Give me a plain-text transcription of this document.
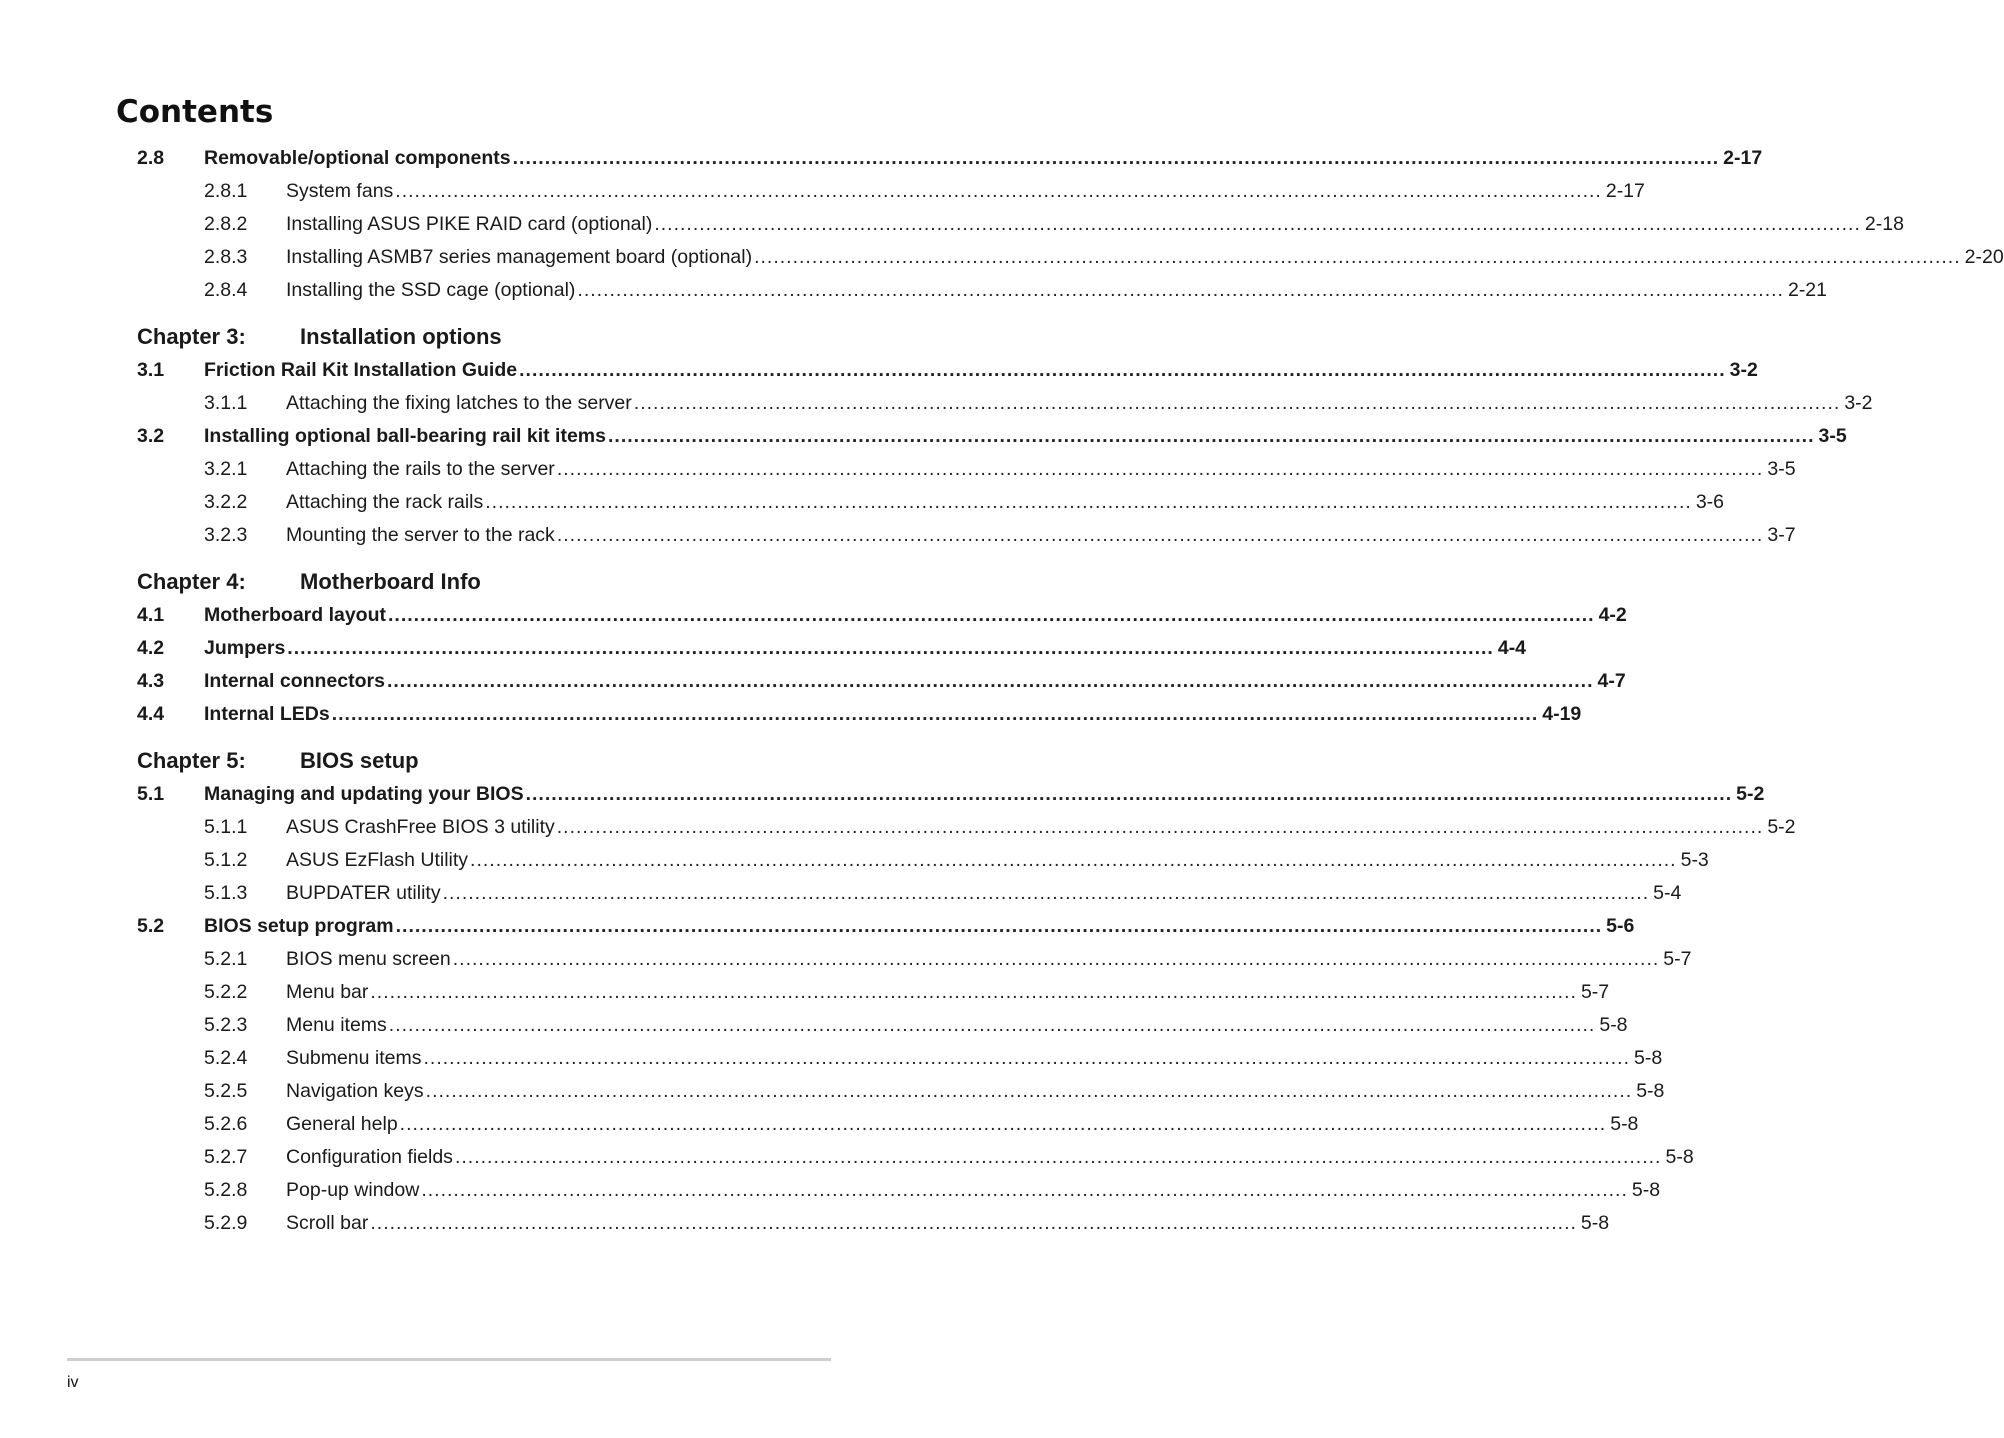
Contents
2.8	Removable/optional components .....	2-17
2.8.1	System fans .....	2-17
2.8.2	Installing ASUS PIKE RAID card (optional) .....	2-18
2.8.3	Installing ASMB7 series management board (optional) .....	2-20
2.8.4	Installing the SSD cage (optional) .....	2-21
Chapter 3:	Installation options
3.1	Friction Rail Kit Installation Guide .....	3-2
3.1.1	Attaching the fixing latches to the server .....	3-2
3.2	Installing optional ball-bearing rail kit items .....	3-5
3.2.1	Attaching the rails to the server .....	3-5
3.2.2	Attaching the rack rails .....	3-6
3.2.3	Mounting the server to the rack .....	3-7
Chapter 4:	Motherboard Info
4.1	Motherboard layout .....	4-2
4.2	Jumpers .....	4-4
4.3	Internal connectors .....	4-7
4.4	Internal LEDs .....	4-19
Chapter 5:	BIOS setup
5.1	Managing and updating your BIOS .....	5-2
5.1.1	ASUS CrashFree BIOS 3 utility .....	5-2
5.1.2	ASUS EzFlash Utility .....	5-3
5.1.3	BUPDATER utility .....	5-4
5.2	BIOS setup program .....	5-6
5.2.1	BIOS menu screen .....	5-7
5.2.2	Menu bar .....	5-7
5.2.3	Menu items .....	5-8
5.2.4	Submenu items .....	5-8
5.2.5	Navigation keys .....	5-8
5.2.6	General help .....	5-8
5.2.7	Configuration fields .....	5-8
5.2.8	Pop-up window .....	5-8
5.2.9	Scroll bar .....	5-8
iv
